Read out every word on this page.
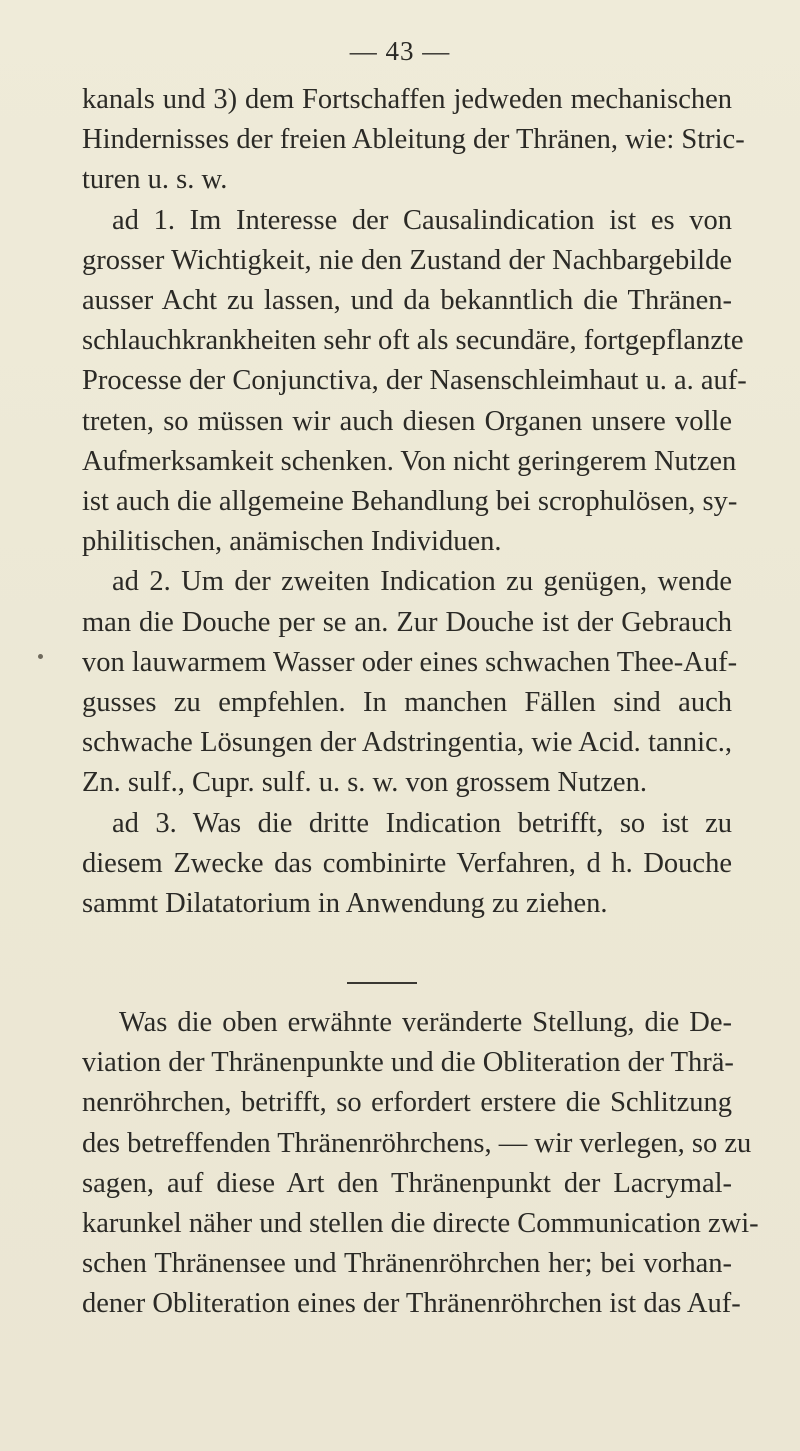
— 43 —
kanals und 3) dem Fortschaffen jedweden mechanischen
Hindernisses der freien Ableitung der Thränen, wie: Stric-
turen u. s. w.
ad 1. Im Interesse der Causalindication ist es von
grosser Wichtigkeit, nie den Zustand der Nachbargebilde
ausser Acht zu lassen, und da bekanntlich die Thränen-
schlauchkrankheiten sehr oft als secundäre, fortgepflanzte
Processe der Conjunctiva, der Nasenschleimhaut u. a. auf-
treten, so müssen wir auch diesen Organen unsere volle
Aufmerksamkeit schenken. Von nicht geringerem Nutzen
ist auch die allgemeine Behandlung bei scrophulösen, sy-
philitischen, anämischen Individuen.
ad 2. Um der zweiten Indication zu genügen, wende
man die Douche per se an. Zur Douche ist der Gebrauch
von lauwarmem Wasser oder eines schwachen Thee-Auf-
gusses zu empfehlen. In manchen Fällen sind auch
schwache Lösungen der Adstringentia, wie Acid. tannic.,
Zn. sulf., Cupr. sulf. u. s. w. von grossem Nutzen.
ad 3. Was die dritte Indication betrifft, so ist zu
diesem Zwecke das combinirte Verfahren, d h. Douche
sammt Dilatatorium in Anwendung zu ziehen.
Was die oben erwähnte veränderte Stellung, die De-
viation der Thränenpunkte und die Obliteration der Thrä-
nenröhrchen, betrifft, so erfordert erstere die Schlitzung
des betreffenden Thränenröhrchens, — wir verlegen, so zu
sagen, auf diese Art den Thränenpunkt der Lacrymal-
karunkel näher und stellen die directe Communication zwi-
schen Thränensee und Thränenröhrchen her; bei vorhan-
dener Obliteration eines der Thränenröhrchen ist das Auf-
